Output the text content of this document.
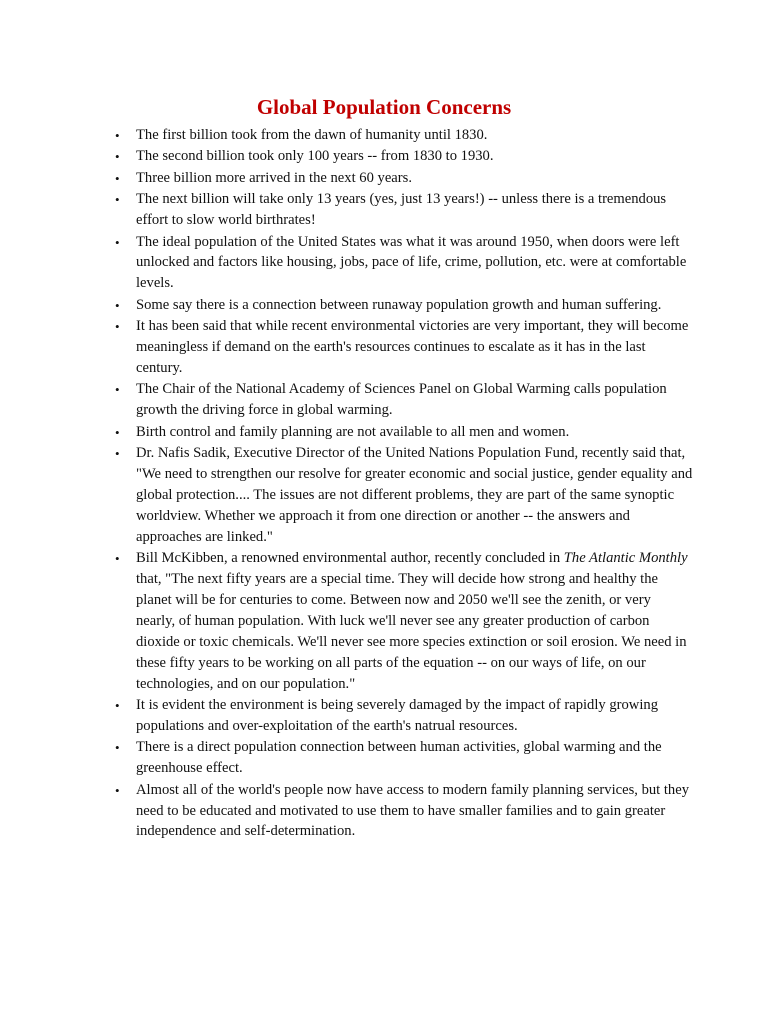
Global Population Concerns
• The first billion took from the dawn of humanity until 1830.
• The second billion took only 100 years -- from 1830 to 1930.
• Three billion more arrived in the next 60 years.
• The next billion will take only 13 years (yes, just 13 years!) -- unless there is a tremendous effort to slow world birthrates!
• The ideal population of the United States was what it was around 1950, when doors were left unlocked and factors like housing, jobs, pace of life, crime, pollution, etc. were at comfortable levels.
• Some say there is a connection between runaway population growth and human suffering.
• It has been said that while recent environmental victories are very important, they will become meaningless if demand on the earth's resources continues to escalate as it has in the last century.
• The Chair of the National Academy of Sciences Panel on Global Warming calls population growth the driving force in global warming.
• Birth control and family planning are not available to all men and women.
• Dr. Nafis Sadik, Executive Director of the United Nations Population Fund, recently said that, "We need to strengthen our resolve for greater economic and social justice, gender equality and global protection.... The issues are not different problems, they are part of the same synoptic worldview. Whether we approach it from one direction or another -- the answers and approaches are linked."
• Bill McKibben, a renowned environmental author, recently concluded in The Atlantic Monthly that, "The next fifty years are a special time. They will decide how strong and healthy the planet will be for centuries to come. Between now and 2050 we'll see the zenith, or very nearly, of human population. With luck we'll never see any greater production of carbon dioxide or toxic chemicals. We'll never see more species extinction or soil erosion. We need in these fifty years to be working on all parts of the equation -- on our ways of life, on our technologies, and on our population."
• It is evident the environment is being severely damaged by the impact of rapidly growing populations and over-exploitation of the earth's natrual resources.
• There is a direct population connection between human activities, global warming and the greenhouse effect.
• Almost all of the world's people now have access to modern family planning services, but they need to be educated and motivated to use them to have smaller families and to gain greater independence and self-determination.
